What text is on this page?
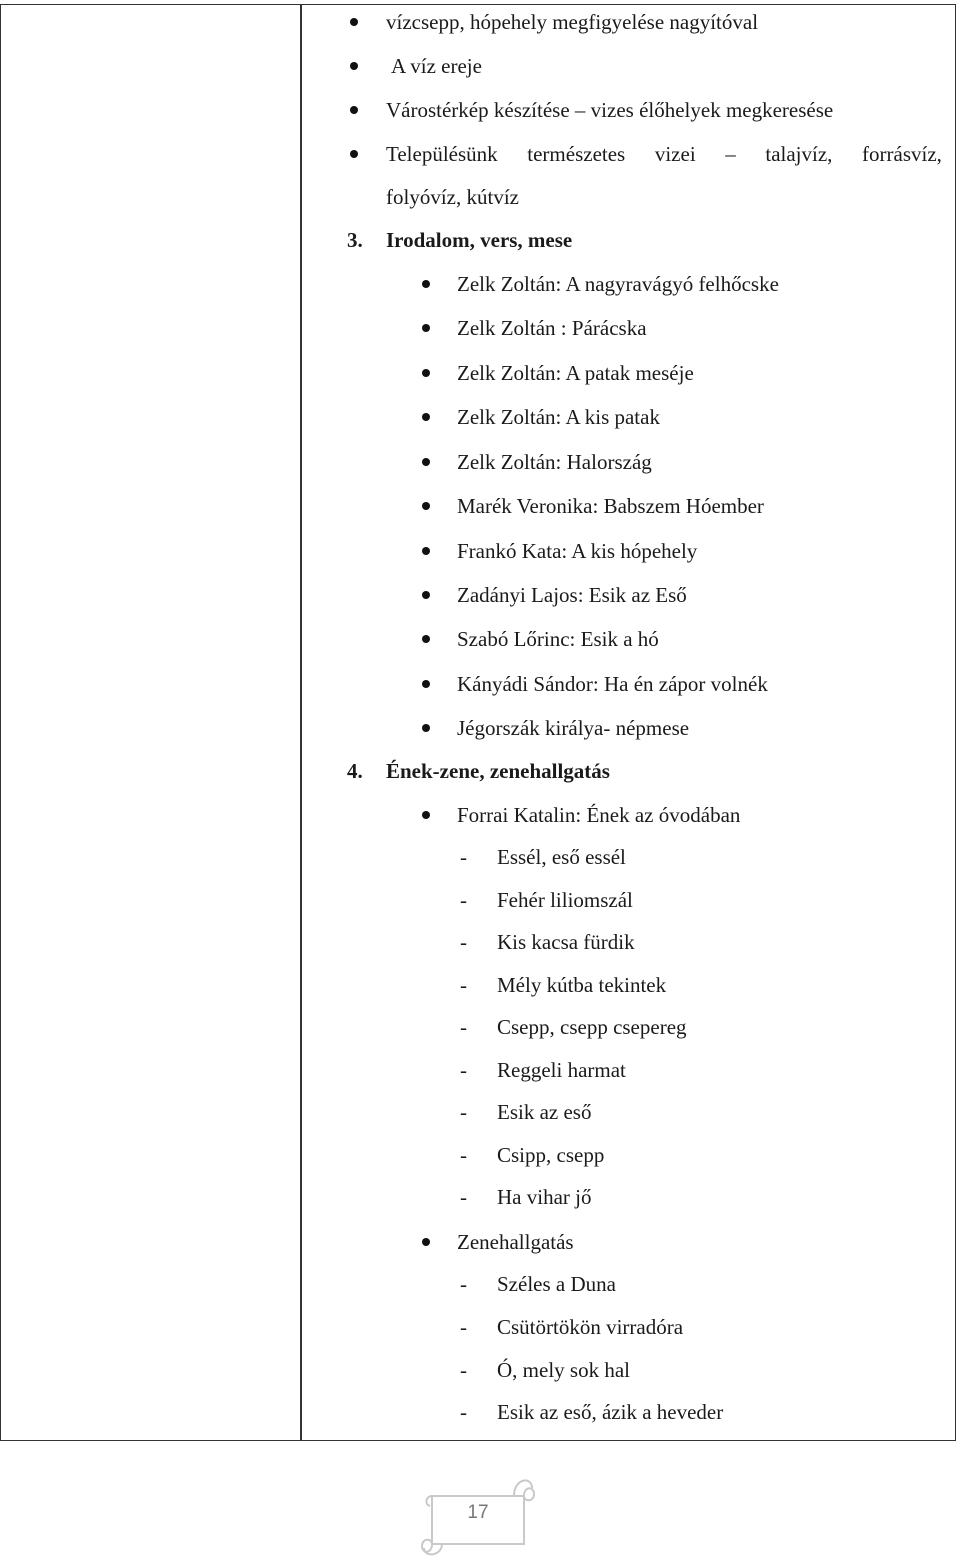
vízcsepp, hópehely megfigyelése nagyítóval
A víz ereje
Várostérkép készítése – vizes élőhelyek megkeresése
Településünk természetes vizei – talajvíz, forrásvíz,
folyóvíz, kútvíz
3. Irodalom, vers, mese
Zelk Zoltán: A nagyravágyó felhőcske
Zelk Zoltán : Párácska
Zelk Zoltán: A patak meséje
Zelk Zoltán: A kis patak
Zelk Zoltán: Halország
Marék Veronika: Babszem Hóember
Frankó Kata: A kis hópehely
Zadányi Lajos: Esik az Eső
Szabó Lőrinc: Esik a hó
Kányádi Sándor: Ha én zápor volnék
Jégorszák királya- népmese
4. Ének-zene, zenehallgatás
Forrai Katalin: Ének az óvodában
- Essél, eső essél
- Fehér liliomszál
- Kis kacsa fürdik
- Mély kútba tekintek
- Csepp, csepp csepereg
- Reggeli harmat
- Esik az eső
- Csipp, csepp
- Ha vihar jő
Zenehallgatás
- Széles a Duna
- Csütörtökön virradóra
- Ó, mely sok hal
- Esik az eső, ázik a heveder
17
